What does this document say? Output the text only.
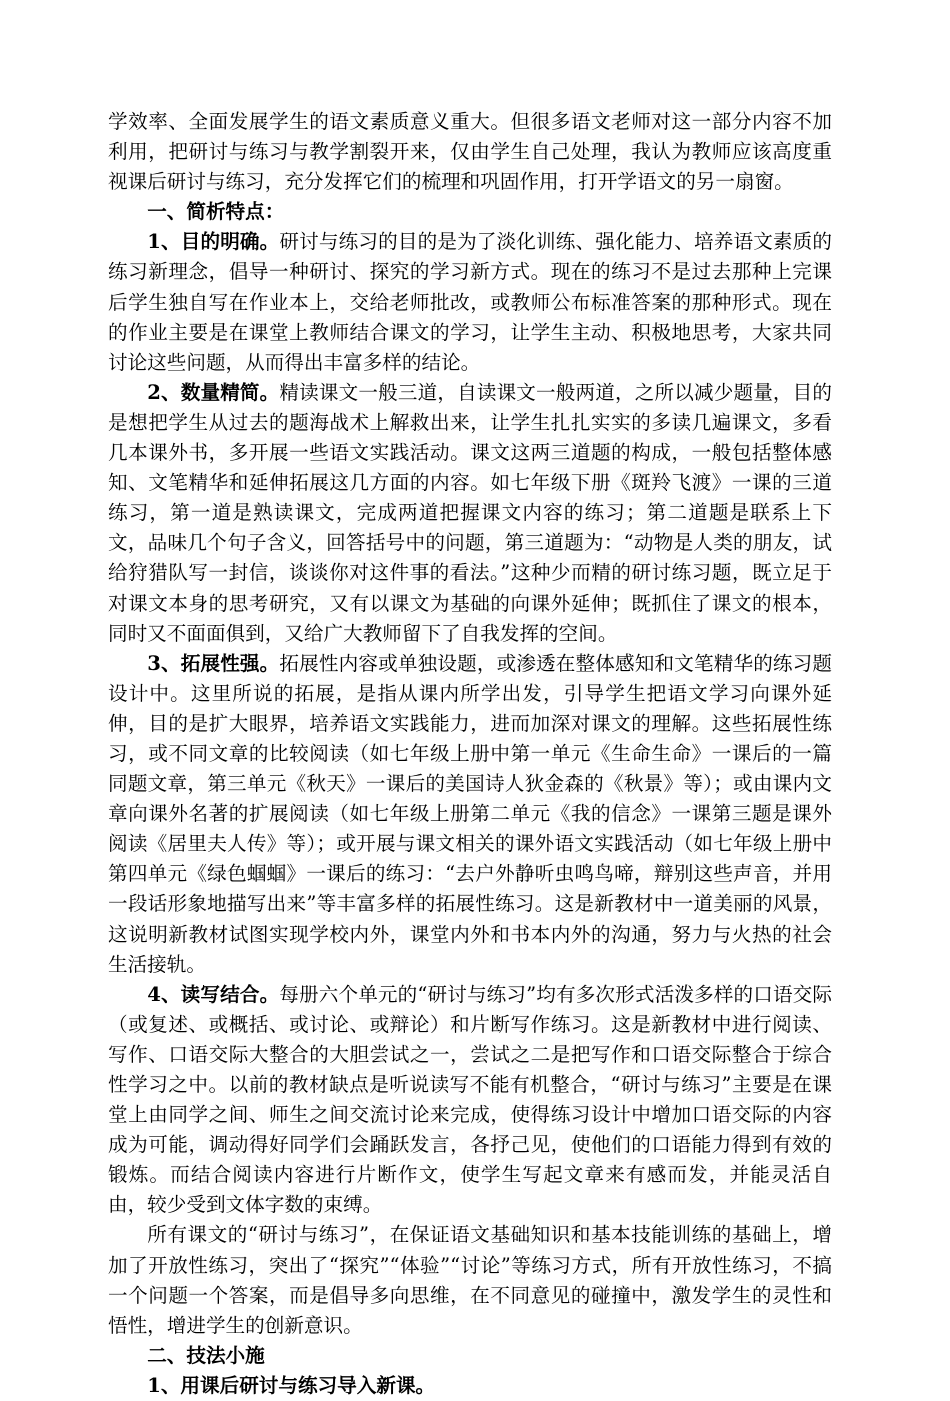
学效率、全面发展学生的语文素质意义重大。但很多语文老师对这一部分内容不加利用，把研讨与练习与教学割裂开来，仅由学生自己处理，我认为教师应该高度重视课后研讨与练习，充分发挥它们的梳理和巩固作用，打开学语文的另一扇窗。

一、简析特点：

1、目的明确。研讨与练习的目的是为了淡化训练、强化能力、培养语文素质的练习新理念，倡导一种研讨、探究的学习新方式。现在的练习不是过去那种上完课后学生独自写在作业本上，交给老师批改，或教师公布标准答案的那种形式。现在的作业主要是在课堂上教师结合课文的学习，让学生主动、积极地思考，大家共同讨论这些问题，从而得出丰富多样的结论。

2、数量精简。精读课文一般三道，自读课文一般两道，之所以减少题量，目的是想把学生从过去的题海战术上解救出来，让学生扎扎实实的多读几遍课文，多看几本课外书，多开展一些语文实践活动。课文这两三道题的构成，一般包括整体感知、文笔精华和延伸拓展这几方面的内容。如七年级下册《斑羚飞渡》一课的三道练习，第一道是熟读课文，完成两道把握课文内容的练习；第二道题是联系上下文，品味几个句子含义，回答括号中的问题，第三道题为：“动物是人类的朋友，试给狩猎队写一封信，谈谈你对这件事的看法。”这种少而精的研讨练习题，既立足于对课文本身的思考研究，又有以课文为基础的向课外延伸；既抓住了课文的根本，同时又不面面俱到，又给广大教师留下了自我发挥的空间。

3、拓展性强。拓展性内容或单独设题，或渗透在整体感知和文笔精华的练习题设计中。这里所说的拓展，是指从课内所学出发，引导学生把语文学习向课外延伸，目的是扩大眼界，培养语文实践能力，进而加深对课文的理解。这些拓展性练习，或不同文章的比较阅读（如七年级上册中第一单元《生命生命》一课后的一篇同题文章，第三单元《秋天》一课后的美国诗人狄金森的《秋景》等）；或由课内文章向课外名著的扩展阅读（如七年级上册第二单元《我的信念》一课第三题是课外阅读《居里夫人传》等）；或开展与课文相关的课外语文实践活动（如七年级上册中第四单元《绿色蝈蝈》一课后的练习：“去户外静听虫鸣鸟啼，辩别这些声音，并用一段话形象地描写出来”等丰富多样的拓展性练习。这是新教材中一道美丽的风景，这说明新教材试图实现学校内外，课堂内外和书本内外的沟通，努力与火热的社会生活接轨。

4、读写结合。每册六个单元的“研讨与练习”均有多次形式活泼多样的口语交际（或复述、或概括、或讨论、或辩论）和片断写作练习。这是新教材中进行阅读、写作、口语交际大整合的大胆尝试之一，尝试之二是把写作和口语交际整合于综合性学习之中。以前的教材缺点是听说读写不能有机整合，“研讨与练习”主要是在课堂上由同学之间、师生之间交流讨论来完成，使得练习设计中增加口语交际的内容成为可能，调动得好同学们会踊跃发言，各抒己见，使他们的口语能力得到有效的锻炼。而结合阅读内容进行片断作文，使学生写起文章来有感而发，并能灵活自由，较少受到文体字数的束缚。

所有课文的“研讨与练习”，在保证语文基础知识和基本技能训练的基础上，增加了开放性练习，突出了“探究”“体验”“讨论”等练习方式，所有开放性练习，不搞一个问题一个答案，而是倡导多向思维，在不同意见的碰撞中，激发学生的灵性和悟性，增进学生的创新意识。

二、技法小施

1、用课后研讨与练习导入新课。
